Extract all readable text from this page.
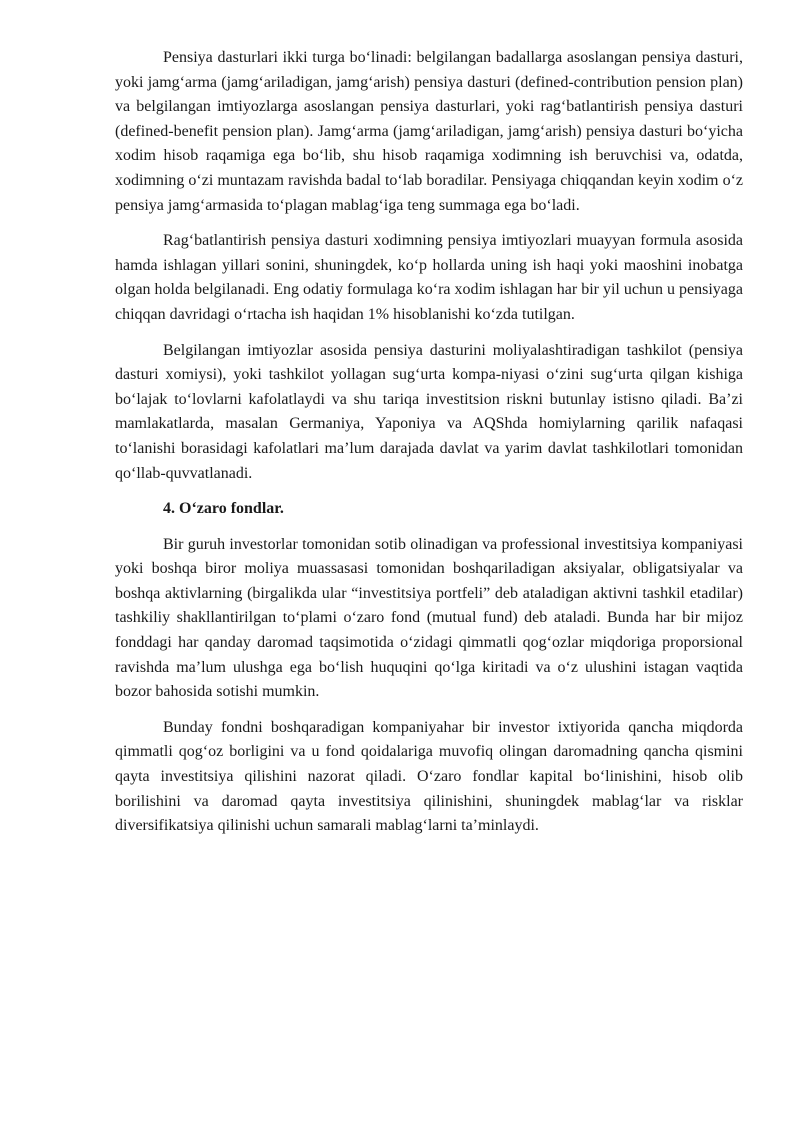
Pensiya dasturlari ikki turga bo‘linadi: belgilangan badallarga asoslangan pensiya dasturi, yoki jamg‘arma (jamg‘ariladigan, jamg‘arish) pensiya dasturi (defined-contribution pension plan) va belgilangan imtiyozlarga asoslangan pensiya dasturlari, yoki rag‘batlantirish pensiya dasturi (defined-benefit pension plan). Jamg‘arma (jamg‘ariladigan, jamg‘arish) pensiya dasturi bo‘yicha xodim hisob raqamiga ega bo‘lib, shu hisob raqamiga xodimning ish beruvchisi va, odatda, xodimning o‘zi muntazam ravishda badal to‘lab boradilar. Pensiyaga chiqqandan keyin xodim o‘z pensiya jamg‘armasida to‘plagan mablag‘iga teng summaga ega bo‘ladi.

Rag‘batlantirish pensiya dasturi xodimning pensiya imtiyozlari muayyan formula asosida hamda ishlagan yillari sonini, shuningdek, ko‘p hollarda uning ish haqi yoki maoshini inobatga olgan holda belgilanadi. Eng odatiy formulaga ko‘ra xodim ishlagan har bir yil uchun u pensiyaga chiqqan davridagi o‘rtacha ish haqidan 1% hisoblanishi ko‘zda tutilgan.

Belgilangan imtiyozlar asosida pensiya dasturini moliyalashtiradigan tashkilot (pensiya dasturi xomiysi), yoki tashkilot yollagan sug‘urta kompa-niyasi o‘zini sug‘urta qilgan kishiga bo‘lajak to‘lovlarni kafolatlaydi va shu tariqa investitsion riskni butunlay istisno qiladi. Ba’zi mamlakatlarda, masalan Germaniya, Yaponiya va AQShda homiylarning qarilik nafaqasi to‘lanishi borasidagi kafolatlari ma’lum darajada davlat va yarim davlat tashkilotlari tomonidan qo‘llab-quvvatlanadi.

4. O‘zaro fondlar.

Bir guruh investorlar tomonidan sotib olinadigan va professional investitsiya kompaniyasi yoki boshqa biror moliya muassasasi tomonidan boshqariladigan aksiyalar, obligatsiyalar va boshqa aktivlarning (birgalikda ular “investitsiya portfeli” deb ataladigan aktivni tashkil etadilar) tashkiliy shakllantirilgan to‘plami o‘zaro fond (mutual fund) deb ataladi. Bunda har bir mijoz fonddagi har qanday daromad taqsimotida o‘zidagi qimmatli qog‘ozlar miqdoriga proporsional ravishda ma’lum ulushga ega bo‘lish huquqini qo‘lga kiritadi va o‘z ulushini istagan vaqtida bozor bahosida sotishi mumkin.

Bunday fondni boshqaradigan kompaniyahar bir investor ixtiyorida qancha miqdorda qimmatli qog‘oz borligini va u fond qoidalariga muvofiq olingan daromadning qancha qismini qayta investitsiya qilishini nazorat qiladi. O‘zaro fondlar kapital bo‘linishini, hisob olib borilishini va daromad qayta investitsiya qilinishini, shuningdek mablag‘lar va risklar diversifikatsiya qilinishi uchun samarali mablag‘larni ta’minlaydi.
